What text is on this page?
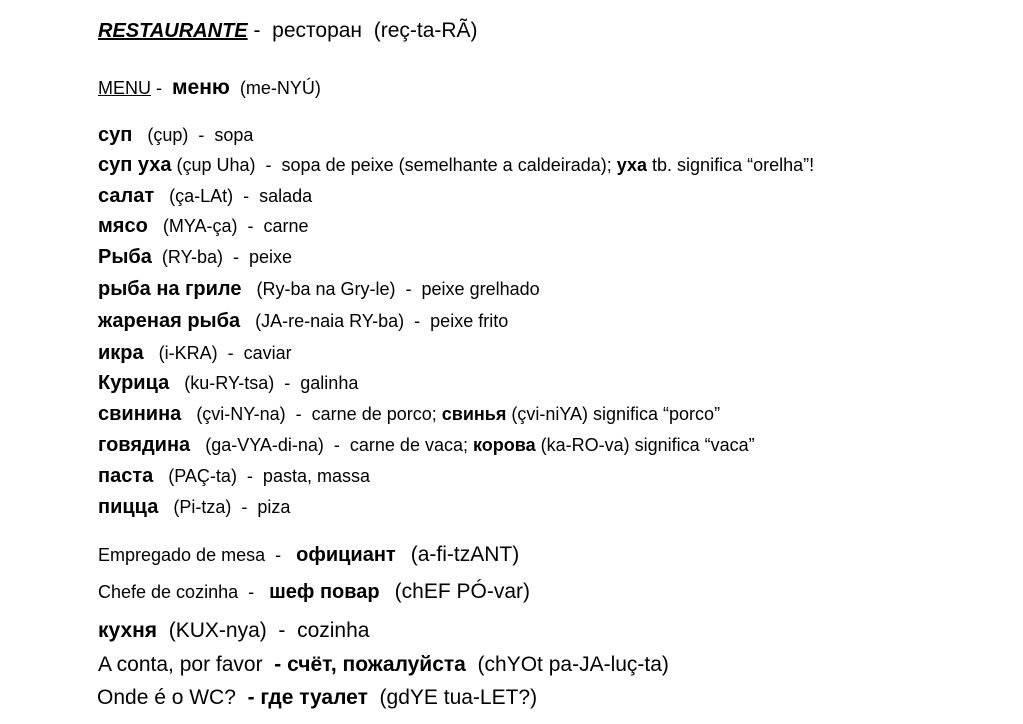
RESTAURANTE -  ресторан (reç-ta-RÃ)
MENU -  меню (me-NYÚ)
суп (çup)  -  sopa
суп уха (çup Uha)  -  sopa de peixe (semelhante a caldeirada); уха tb. significa “orelha”!
салат (ça-LAt)  -  salada
мясо (MYA-ça)  -  carne
Рыба (RY-ba)  -  peixe
рыба на гриле (Ry-ba na Gry-le)  -  peixe grelhado
жареная рыба (JA-re-naia RY-ba)  -  peixe frito
икра (i-KRA)  -  caviar
Курица (ku-RY-tsa)  -  galinha
свинина (çvi-NY-na)  -  carne de porco; свинья (çvi-niYA) significa “porco”
говядина (ga-VYA-di-na)  -  carne de vaca; корова (ka-RO-va) significa “vaca”
паста (PAÇ-ta)  -  pasta, massa
пицца (Pi-tza)  -  piza
Empregado de mesa  - официант (a-fi-tzANT)
Chefe de cozinha  - шеф повар (chEF PÓ-var)
кухня (KUX-nya)  -  cozinha
A conta, por favor - счёт, пожалуйста (chYOt pa-JA-luç-ta)
Onde é o WC? - где туалет (gdYE tua-LET?)
